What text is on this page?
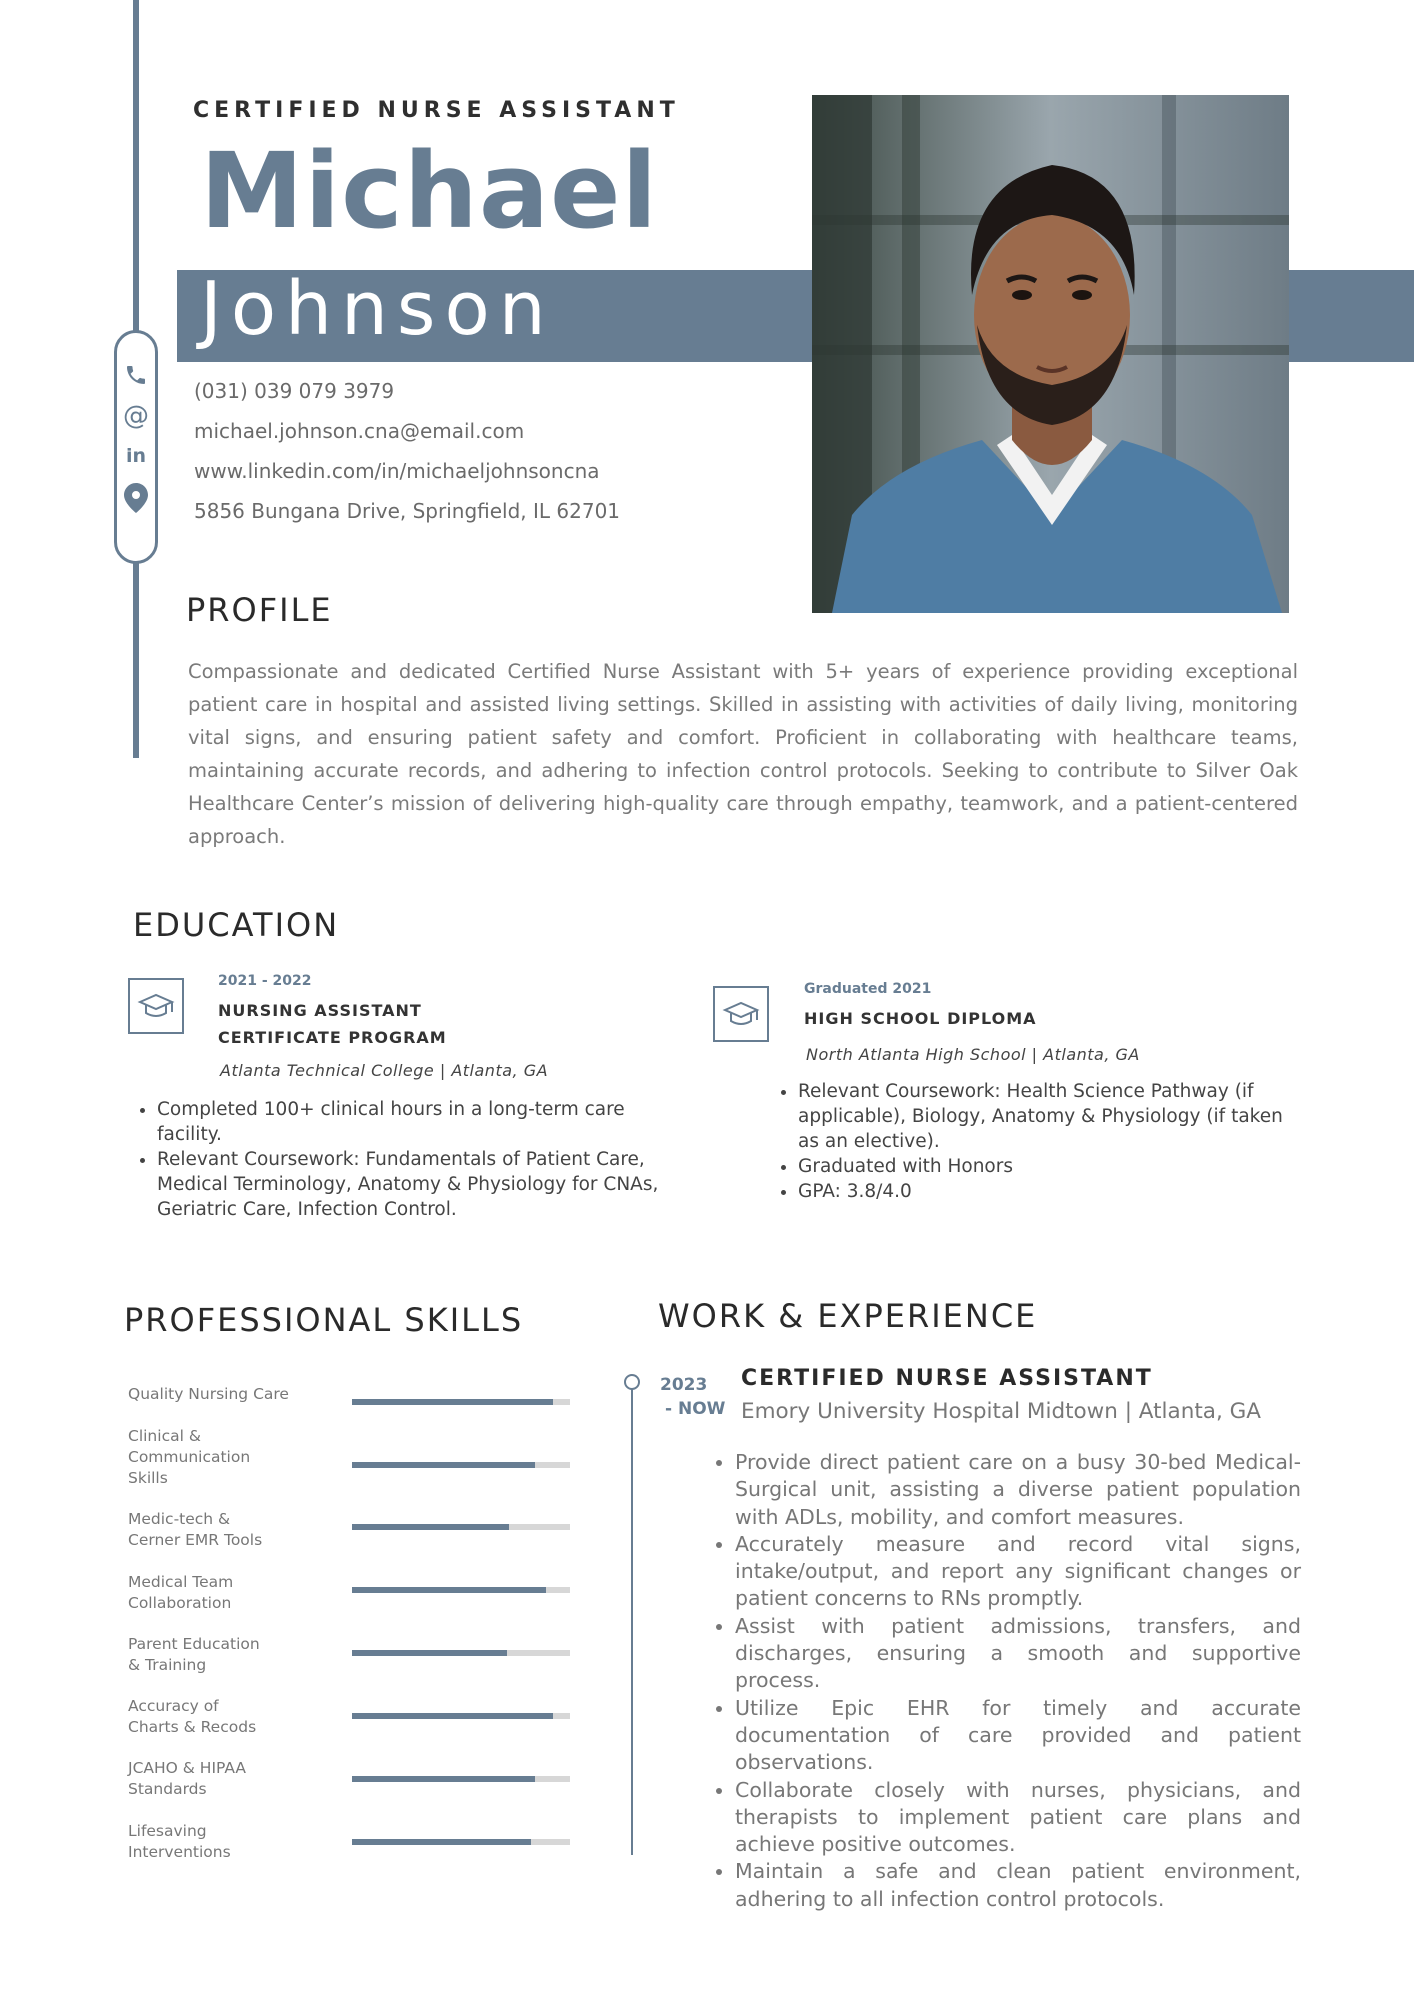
CERTIFIED NURSE ASSISTANT
Michael
Johnson
@
in
(031) 039 079 3979
michael.johnson.cna@email.com
www.linkedin.com/in/michaeljohnsoncna
5856 Bungana Drive, Springfield, IL 62701
PROFILE
Compassionate and dedicated Certified Nurse Assistant with 5+ years of experience providing exceptional patient care in hospital and assisted living settings. Skilled in assisting with activities of daily living, monitoring vital signs, and ensuring patient safety and comfort. Proficient in collaborating with healthcare teams, maintaining accurate records, and adhering to infection control protocols. Seeking to contribute to Silver Oak Healthcare Center’s mission of delivering high-quality care through empathy, teamwork, and a patient-centered approach.
EDUCATION
2021 - 2022
NURSING ASSISTANT CERTIFICATE PROGRAM
Atlanta Technical College | Atlanta, GA
• Completed 100+ clinical hours in a long-term care facility.
• Relevant Coursework: Fundamentals of Patient Care, Medical Terminology, Anatomy & Physiology for CNAs, Geriatric Care, Infection Control.
Graduated 2021
HIGH SCHOOL DIPLOMA
North Atlanta High School | Atlanta, GA
• Relevant Coursework: Health Science Pathway (if applicable), Biology, Anatomy & Physiology (if taken as an elective).
• Graduated with Honors
• GPA: 3.8/4.0
PROFESSIONAL SKILLS
Quality Nursing Care
Clinical & Communication Skills
Medic-tech & Cerner EMR Tools
Medical Team Collaboration
Parent Education & Training
Accuracy of Charts & Recods
JCAHO & HIPAA Standards
Lifesaving Interventions
WORK & EXPERIENCE
2023
- NOW
CERTIFIED NURSE ASSISTANT
Emory University Hospital Midtown | Atlanta, GA
• Provide direct patient care on a busy 30-bed Medical-Surgical unit, assisting a diverse patient population with ADLs, mobility, and comfort measures.
• Accurately measure and record vital signs, intake/output, and report any significant changes or patient concerns to RNs promptly.
• Assist with patient admissions, transfers, and discharges, ensuring a smooth and supportive process.
• Utilize Epic EHR for timely and accurate documentation of care provided and patient observations.
• Collaborate closely with nurses, physicians, and therapists to implement patient care plans and achieve positive outcomes.
• Maintain a safe and clean patient environment, adhering to all infection control protocols.
